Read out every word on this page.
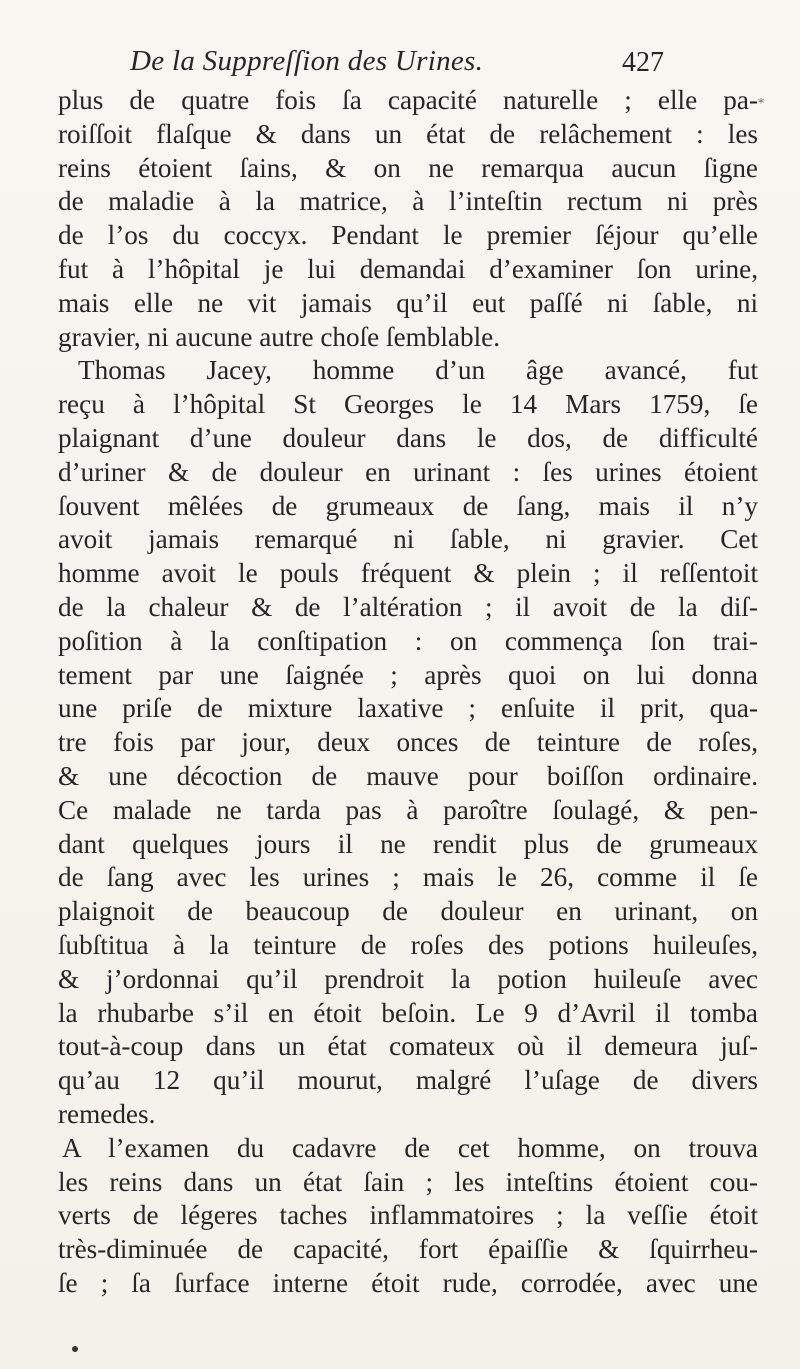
De la Suppreſſion des Urines.	427
plus de quatre fois ſa capacité naturelle ; elle pa-
roiſſoit flaſque & dans un état de relâchement : les
reins étoient ſains, & on ne remarqua aucun ſigne
de maladie à la matrice, à l’inteſtin rectum ni près
de l’os du coccyx. Pendant le premier ſéjour qu’elle
fut à l’hôpital je lui demandai d’examiner ſon urine,
mais elle ne vit jamais qu’il eut paſſé ni ſable, ni
gravier, ni aucune autre choſe ſemblable.
Thomas Jacey, homme d’un âge avancé, fut
reçu à l’hôpital St Georges le 14 Mars 1759, ſe
plaignant d’une douleur dans le dos, de difficulté
d’uriner & de douleur en urinant : ſes urines étoient
ſouvent mêlées de grumeaux de ſang, mais il n’y
avoit jamais remarqué ni ſable, ni gravier. Cet
homme avoit le pouls fréquent & plein ; il reſſentoit
de la chaleur & de l’altération ; il avoit de la diſ-
poſition à la conſtipation : on commença ſon trai-
tement par une ſaignée ; après quoi on lui donna
une priſe de mixture laxative ; enſuite il prit, qua-
tre fois par jour, deux onces de teinture de roſes,
& une décoction de mauve pour boiſſon ordinaire.
Ce malade ne tarda pas à paroître ſoulagé, & pen-
dant quelques jours il ne rendit plus de grumeaux
de ſang avec les urines ; mais le 26, comme il ſe
plaignoit de beaucoup de douleur en urinant, on
ſubſtitua à la teinture de roſes des potions huileuſes,
& j’ordonnai qu’il prendroit la potion huileuſe avec
la rhubarbe s’il en étoit beſoin. Le 9 d’Avril il tomba
tout-à-coup dans un état comateux où il demeura juſ-
qu’au 12 qu’il mourut, malgré l’uſage de divers
remedes.
A l’examen du cadavre de cet homme, on trouva
les reins dans un état ſain ; les inteſtins étoient cou-
verts de légeres taches inflammatoires ; la veſſie étoit
très-diminuée de capacité, fort épaiſſie & ſquirrheu-
ſe ; ſa ſurface interne étoit rude, corrodée, avec une
*
